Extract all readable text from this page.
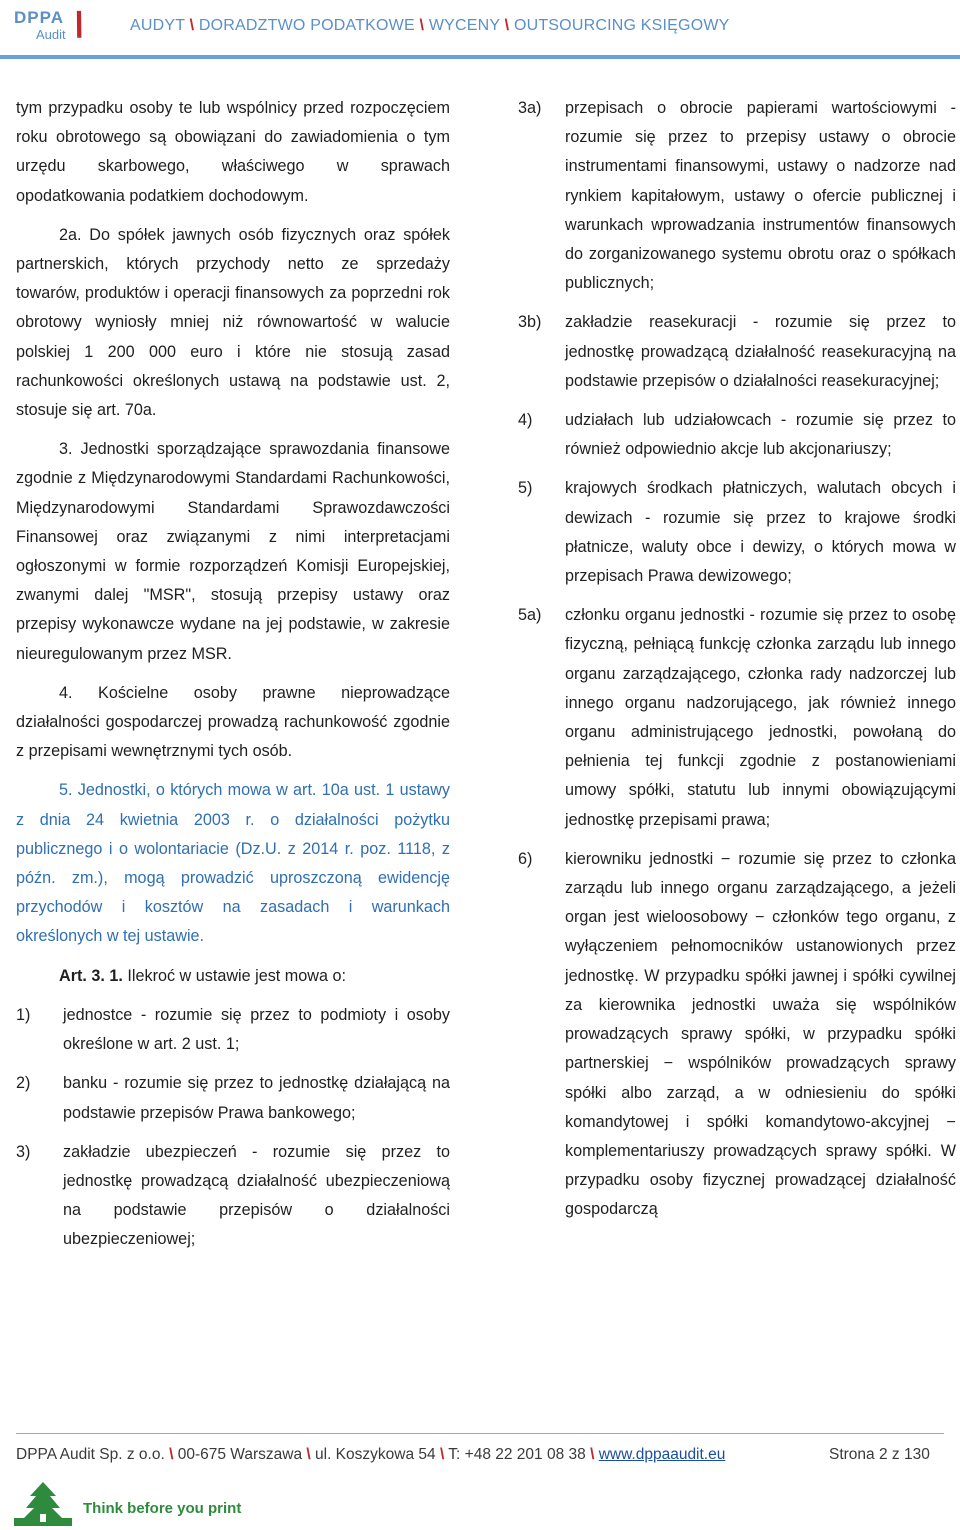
DPPA
Audit \	AUDYT \ DORADZTWO PODATKOWE \ WYCENY \ OUTSOURCING KSIĘGOWY

tym przypadku osoby te lub wspólnicy przed rozpoczęciem roku obrotowego są obowiązani do zawiadomienia o tym urzędu skarbowego, właściwego w sprawach opodatkowania podatkiem dochodowym.

2a. Do spółek jawnych osób fizycznych oraz spółek partnerskich, których przychody netto ze sprzedaży towarów, produktów i operacji finansowych za poprzedni rok obrotowy wyniosły mniej niż równowartość w walucie polskiej 1 200 000 euro i które nie stosują zasad rachunkowości określonych ustawą na podstawie ust. 2, stosuje się art. 70a.

3. Jednostki sporządzające sprawozdania finansowe zgodnie z Międzynarodowymi Standardami Rachunkowości, Międzynarodowymi Standardami Sprawozdawczości Finansowej oraz związanymi z nimi interpretacjami ogłoszonymi w formie rozporządzeń Komisji Europejskiej, zwanymi dalej "MSR", stosują przepisy ustawy oraz przepisy wykonawcze wydane na jej podstawie, w zakresie nieuregulowanym przez MSR.

4. Kościelne osoby prawne nieprowadzące działalności gospodarczej prowadzą rachunkowość zgodnie z przepisami wewnętrznymi tych osób.

5. Jednostki, o których mowa w art. 10a ust. 1 ustawy z dnia 24 kwietnia 2003 r. o działalności pożytku publicznego i o wolontariacie (Dz.U. z 2014 r. poz. 1118, z późn. zm.), mogą prowadzić uproszczoną ewidencję przychodów i kosztów na zasadach i warunkach określonych w tej ustawie.

Art. 3. 1. Ilekroć w ustawie jest mowa o:

1)	jednostce - rozumie się przez to podmioty i osoby określone w art. 2 ust. 1;
2)	banku - rozumie się przez to jednostkę działającą na podstawie przepisów Prawa bankowego;
3)	zakładzie ubezpieczeń - rozumie się przez to jednostkę prowadzącą działalność ubezpieczeniową na podstawie przepisów o działalności ubezpieczeniowej;
3a)	przepisach o obrocie papierami wartościowymi - rozumie się przez to przepisy ustawy o obrocie instrumentami finansowymi, ustawy o nadzorze nad rynkiem kapitałowym, ustawy o ofercie publicznej i warunkach wprowadzania instrumentów finansowych do zorganizowanego systemu obrotu oraz o spółkach publicznych;
3b)	zakładzie reasekuracji - rozumie się przez to jednostkę prowadzącą działalność reasekuracyjną na podstawie przepisów o działalności reasekuracyjnej;
4)	udziałach lub udziałowcach - rozumie się przez to również odpowiednio akcje lub akcjonariuszy;
5)	krajowych środkach płatniczych, walutach obcych i dewizach - rozumie się przez to krajowe środki płatnicze, waluty obce i dewizy, o których mowa w przepisach Prawa dewizowego;
5a)	członku organu jednostki - rozumie się przez to osobę fizyczną, pełniącą funkcję członka zarządu lub innego organu zarządzającego, członka rady nadzorczej lub innego organu nadzorującego, jak również innego organu administrującego jednostki, powołaną do pełnienia tej funkcji zgodnie z postanowieniami umowy spółki, statutu lub innymi obowiązującymi jednostkę przepisami prawa;
6)	kierowniku jednostki − rozumie się przez to członka zarządu lub innego organu zarządzającego, a jeżeli organ jest wieloosobowy − członków tego organu, z wyłączeniem pełnomocników ustanowionych przez jednostkę. W przypadku spółki jawnej i spółki cywilnej za kierownika jednostki uważa się wspólników prowadzących sprawy spółki, w przypadku spółki partnerskiej − wspólników prowadzących sprawy spółki albo zarząd, a w odniesieniu do spółki komandytowej i spółki komandytowo-akcyjnej − komplementariuszy prowadzących sprawy spółki. W przypadku osoby fizycznej prowadzącej działalność gospodarczą
DPPA Audit Sp. z o.o. \ 00-675 Warszawa \ ul. Koszykowa 54 \ T: +48 22 201 08 38 \ www.dppaaudit.eu	Strona 2 z 130
Think before you print
